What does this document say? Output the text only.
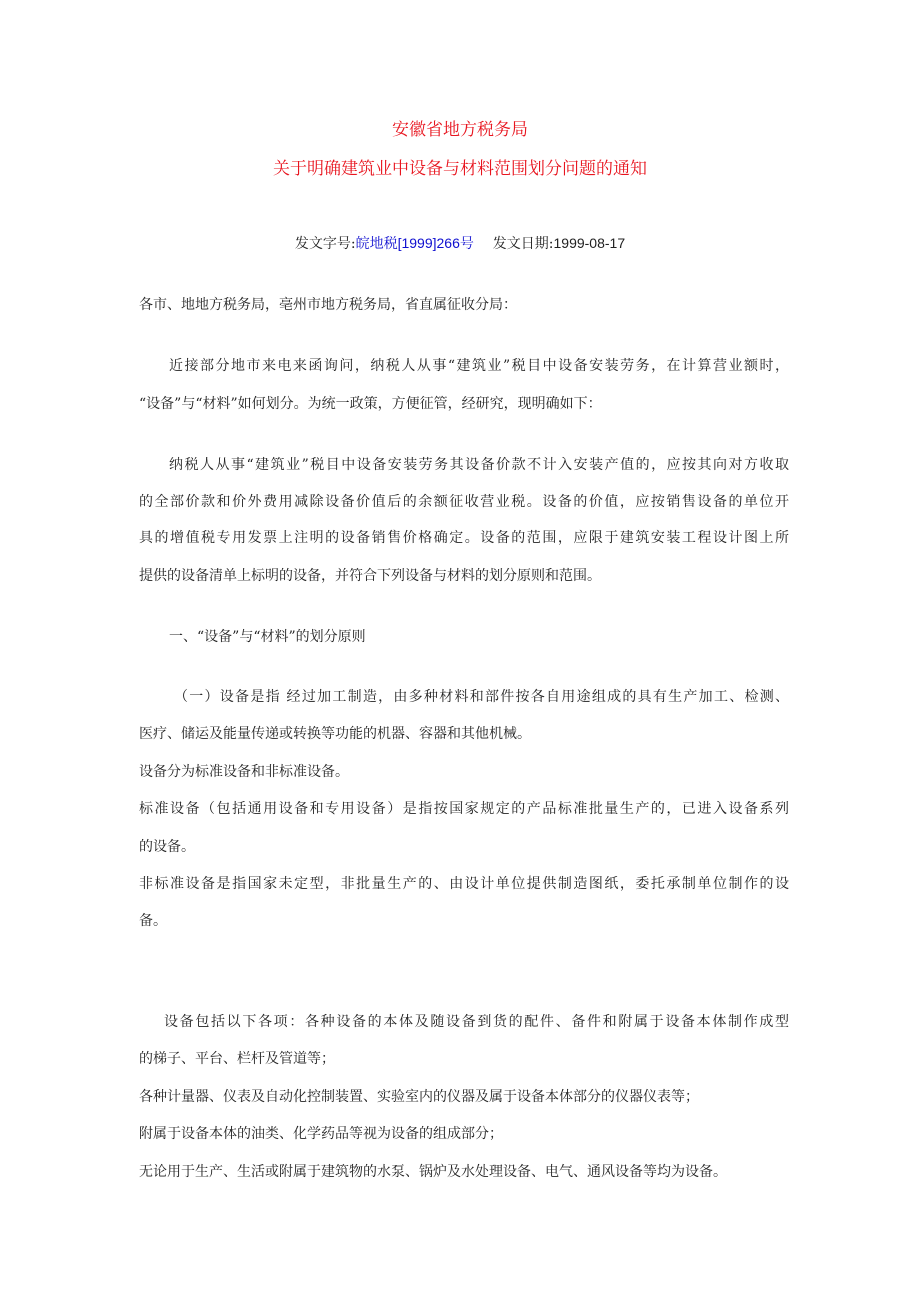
安徽省地方税务局
关于明确建筑业中设备与材料范围划分问题的通知
发文字号:皖地税[1999]266号 发文日期:1999-08-17
各市、地地方税务局，亳州市地方税务局，省直属征收分局：
近接部分地市来电来函询问，纳税人从事“建筑业”税目中设备安装劳务，在计算营业额时，
“设备”与“材料”如何划分。为统一政策，方便征管，经研究，现明确如下：
纳税人从事“建筑业”税目中设备安装劳务其设备价款不计入安装产值的，应按其向对方收取
的全部价款和价外费用减除设备价值后的余额征收营业税。设备的价值，应按销售设备的单位开
具的增值税专用发票上注明的设备销售价格确定。设备的范围，应限于建筑安装工程设计图上所
提供的设备清单上标明的设备，并符合下列设备与材料的划分原则和范围。
一、“设备”与“材料”的划分原则
（一）设备是指 经过加工制造，由多种材料和部件按各自用途组成的具有生产加工、检测、
医疗、储运及能量传递或转换等功能的机器、容器和其他机械。
设备分为标准设备和非标准设备。
标准设备（包括通用设备和专用设备）是指按国家规定的产品标准批量生产的，已进入设备系列
的设备。
非标准设备是指国家未定型，非批量生产的、由设计单位提供制造图纸，委托承制单位制作的设
备。
设备包括以下各项：各种设备的本体及随设备到货的配件、备件和附属于设备本体制作成型
的梯子、平台、栏杆及管道等；
各种计量器、仪表及自动化控制装置、实验室内的仪器及属于设备本体部分的仪器仪表等；
附属于设备本体的油类、化学药品等视为设备的组成部分；
无论用于生产、生活或附属于建筑物的水泵、锅炉及水处理设备、电气、通风设备等均为设备。
